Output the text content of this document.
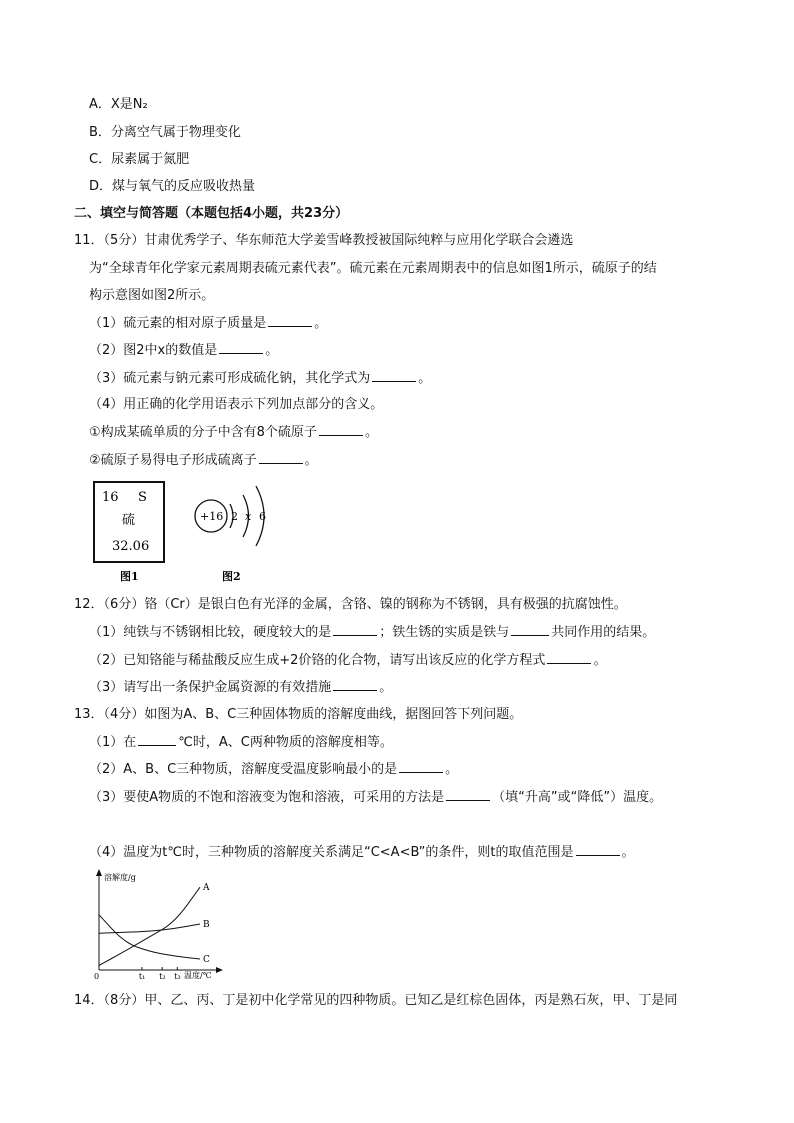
A．X是N₂
B．分离空气属于物理变化
C．尿素属于氮肥
D．煤与氧气的反应吸收热量
二、填空与简答题（本题包括4小题，共23分）
11．（5分）甘肃优秀学子、华东师范大学姜雪峰教授被国际纯粹与应用化学联合会遴选
为“全球青年化学家元素周期表硫元素代表”。硫元素在元素周期表中的信息如图1所示，硫原子的结
构示意图如图2所示。
（1）硫元素的相对原子质量是	。
（2）图2中x的数值是	。
（3）硫元素与钠元素可形成硫化钠，其化学式为	。
（4）用正确的化学用语表示下列加点部分的含义。
①构成某硫单质的分子中含有8个硫原子	。
②硫原子易得电子形成硫离子	。
16 S
硫
32.06
图1
+16 2 x 6
图2
12．（6分）铬（Cr）是银白色有光泽的金属，含铬、镍的钢称为不锈钢，具有极强的抗腐蚀性。
（1）纯铁与不锈钢相比较，硬度较大的是	；铁生锈的实质是铁与	共同作用的结果。
（2）已知铬能与稀盐酸反应生成+2价铬的化合物，请写出该反应的化学方程式	。
（3）请写出一条保护金属资源的有效措施	。
13．（4分）如图为A、B、C三种固体物质的溶解度曲线，据图回答下列问题。
（1）在	℃时，A、C两种物质的溶解度相等。
（2）A、B、C三种物质，溶解度受温度影响最小的是	。
（3）要使A物质的不饱和溶液变为饱和溶液，可采用的方法是	（填“升高”或“降低”）温度。
（4）温度为t℃时，三种物质的溶解度关系满足“C<A<B”的条件，则t的取值范围是	。
溶解度/g
温度/℃
0	t₁ t₂ t₃
A
B
C
14．（8分）甲、乙、丙、丁是初中化学常见的四种物质。已知乙是红棕色固体，丙是熟石灰，甲、丁是同
